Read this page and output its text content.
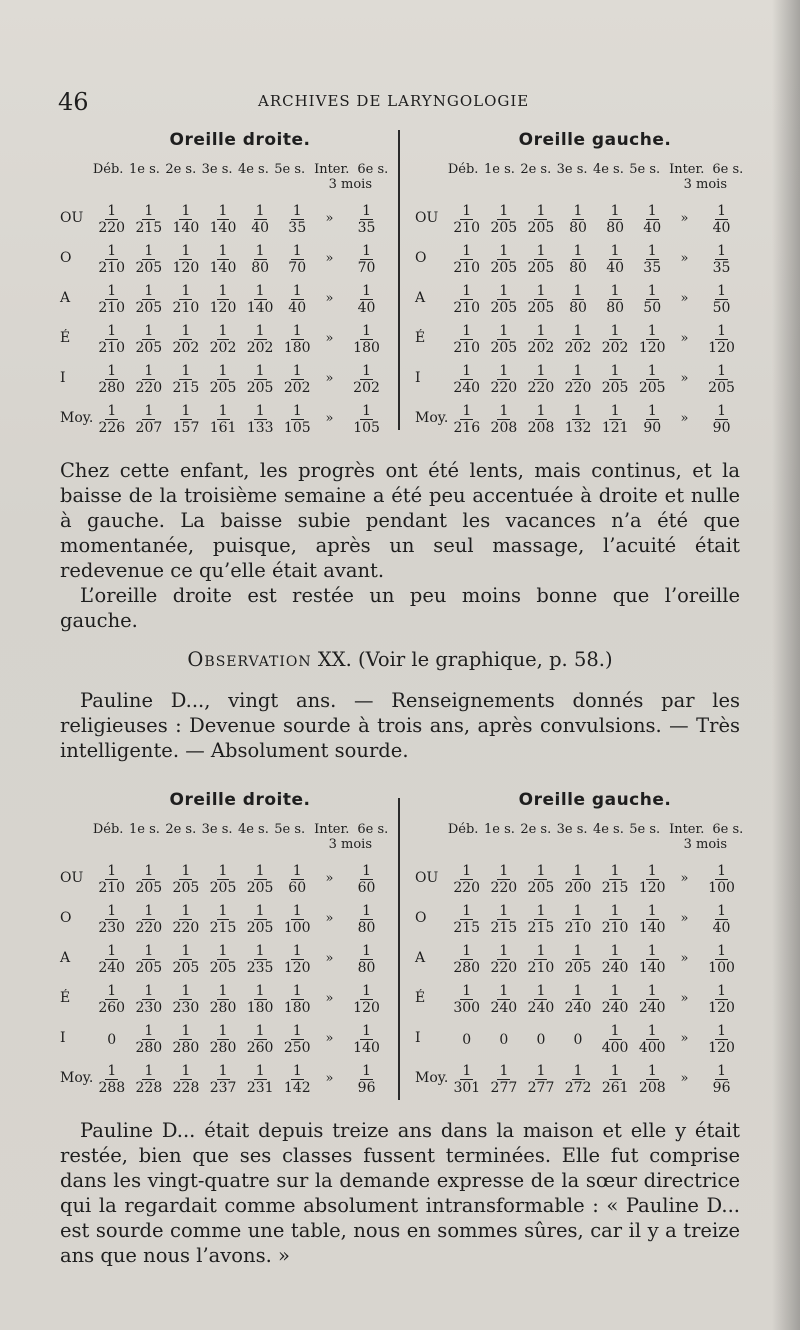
46	ARCHIVES DE LARYNGOLOGIE
Oreille droite.
Déb. 1e s. 2e s. 3e s. 4e s. 5e s. Inter. 6e s.
3 mois
OU	$\frac{1}{220} \frac{1}{215} \frac{1}{140} \frac{1}{140} \frac{1}{40} \frac{1}{35}$	»	$\frac{1}{35}$
O	$\frac{1}{210} \frac{1}{205} \frac{1}{120} \frac{1}{140} \frac{1}{80} \frac{1}{70}$	»	$\frac{1}{70}$
A	$\frac{1}{210} \frac{1}{205} \frac{1}{210} \frac{1}{120} \frac{1}{140} \frac{1}{40}$	»	$\frac{1}{40}$
É	$\frac{1}{210} \frac{1}{205} \frac{1}{202} \frac{1}{202} \frac{1}{202} \frac{1}{180}$	»	$\frac{1}{180}$
I	$\frac{1}{280} \frac{1}{220} \frac{1}{215} \frac{1}{205} \frac{1}{205} \frac{1}{202}$	»	$\frac{1}{202}$
Moy. $\frac{1}{226} \frac{1}{207} \frac{1}{157} \frac{1}{161} \frac{1}{133} \frac{1}{105}$	»	$\frac{1}{105}$
Oreille gauche.
Déb. 1e s. 2e s. 3e s. 4e s. 5e s. Inter. 6e s.
3 mois
OU	$\frac{1}{210} \frac{1}{205} \frac{1}{205} \frac{1}{80} \frac{1}{80} \frac{1}{40}$	»	$\frac{1}{40}$
O	$\frac{1}{210} \frac{1}{205} \frac{1}{205} \frac{1}{80} \frac{1}{40} \frac{1}{35}$	»	$\frac{1}{35}$
A	$\frac{1}{210} \frac{1}{205} \frac{1}{205} \frac{1}{80} \frac{1}{80} \frac{1}{50}$	»	$\frac{1}{50}$
É	$\frac{1}{210} \frac{1}{205} \frac{1}{202} \frac{1}{202} \frac{1}{202} \frac{1}{120}$	»	$\frac{1}{120}$
I	$\frac{1}{240} \frac{1}{220} \frac{1}{220} \frac{1}{220} \frac{1}{205} \frac{1}{205}$	»	$\frac{1}{205}$
Moy. $\frac{1}{216} \frac{1}{208} \frac{1}{208} \frac{1}{132} \frac{1}{121} \frac{1}{90}$	»	$\frac{1}{90}$

Chez cette enfant, les progrès ont été lents, mais continus, et la baisse de la troisième semaine a été peu accentuée à droite et nulle à gauche. La baisse subie pendant les vacances n’a été que momentanée, puisque, après un seul massage, l’acuité était redevenue ce qu’elle était avant.

L’oreille droite est restée un peu moins bonne que l’oreille gauche.

Observation XX. (Voir le graphique, p. 58.)
Pauline D..., vingt ans. — Renseignements donnés par les religieuses : Devenue sourde à trois ans, après convulsions. — Très intelligente. — Absolument sourde.
Oreille droite.
Déb. 1e s. 2e s. 3e s. 4e s. 5e s. Inter. 6e s.
3 mois
OU	$\frac{1}{210} \frac{1}{205} \frac{1}{205} \frac{1}{205} \frac{1}{205} \frac{1}{60}$	»	$\frac{1}{60}$
O	$\frac{1}{230} \frac{1}{220} \frac{1}{220} \frac{1}{215} \frac{1}{205} \frac{1}{100}$	»	$\frac{1}{80}$
A	$\frac{1}{240} \frac{1}{205} \frac{1}{205} \frac{1}{205} \frac{1}{235} \frac{1}{120}$	»	$\frac{1}{80}$
É	$\frac{1}{260} \frac{1}{230} \frac{1}{230} \frac{1}{280} \frac{1}{180} \frac{1}{180}$	»	$\frac{1}{120}$
I	0	$\frac{1}{280} \frac{1}{280} \frac{1}{280} \frac{1}{260} \frac{1}{250}$	»	$\frac{1}{140}$
Moy. $\frac{1}{288} \frac{1}{228} \frac{1}{228} \frac{1}{237} \frac{1}{231} \frac{1}{142}$	»	$\frac{1}{96}$
Oreille gauche.
Déb. 1e s. 2e s. 3e s. 4e s. 5e s. Inter. 6e s.
3 mois
OU	$\frac{1}{220} \frac{1}{220} \frac{1}{205} \frac{1}{200} \frac{1}{215} \frac{1}{120}$	»	$\frac{1}{100}$
O	$\frac{1}{215} \frac{1}{215} \frac{1}{215} \frac{1}{210} \frac{1}{210} \frac{1}{140}$	»	$\frac{1}{40}$
A	$\frac{1}{280} \frac{1}{220} \frac{1}{210} \frac{1}{205} \frac{1}{240} \frac{1}{140}$	»	$\frac{1}{100}$
É	$\frac{1}{300} \frac{1}{240} \frac{1}{240} \frac{1}{240} \frac{1}{240} \frac{1}{240}$	»	$\frac{1}{120}$
I	0	0	0	0	$\frac{1}{400} \frac{1}{400}$	»	$\frac{1}{120}$
Moy. $\frac{1}{301} \frac{1}{277} \frac{1}{277} \frac{1}{272} \frac{1}{261} \frac{1}{208}$	»	$\frac{1}{96}$
Pauline D... était depuis treize ans dans la maison et elle y était restée, bien que ses classes fussent terminées. Elle fut comprise dans les vingt-quatre sur la demande expresse de la sœur directrice qui la regardait comme absolument intransformable : « Pauline D... est sourde comme une table, nous en sommes sûres, car il y a treize ans que nous l’avons. »
